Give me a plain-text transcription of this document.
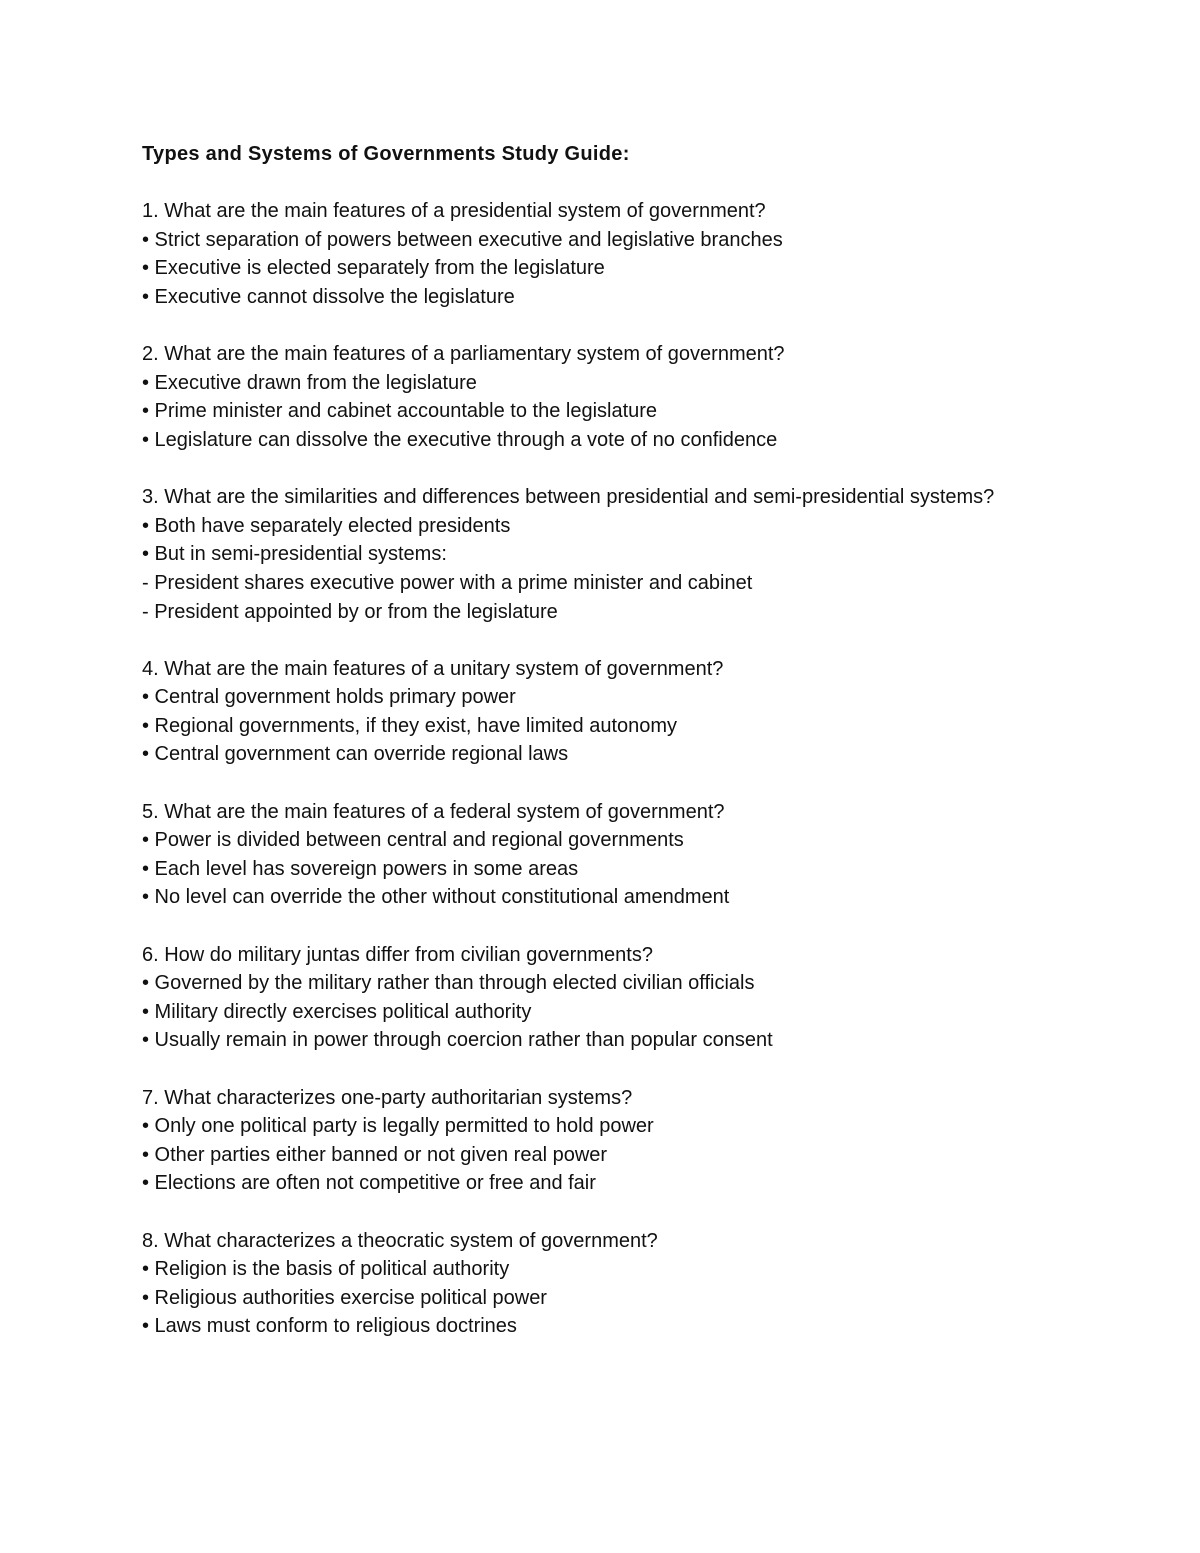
Types and Systems of Governments Study Guide:

1. What are the main features of a presidential system of government?

• Strict separation of powers between executive and legislative branches

• Executive is elected separately from the legislature

• Executive cannot dissolve the legislature

2. What are the main features of a parliamentary system of government?

• Executive drawn from the legislature

• Prime minister and cabinet accountable to the legislature

• Legislature can dissolve the executive through a vote of no confidence

3. What are the similarities and differences between presidential and semi-presidential systems?

• Both have separately elected presidents

• But in semi-presidential systems:

- President shares executive power with a prime minister and cabinet

- President appointed by or from the legislature

4. What are the main features of a unitary system of government?

• Central government holds primary power

• Regional governments, if they exist, have limited autonomy

• Central government can override regional laws

5. What are the main features of a federal system of government?

• Power is divided between central and regional governments

• Each level has sovereign powers in some areas

• No level can override the other without constitutional amendment

6. How do military juntas differ from civilian governments?

• Governed by the military rather than through elected civilian officials

• Military directly exercises political authority

• Usually remain in power through coercion rather than popular consent

7. What characterizes one-party authoritarian systems?

• Only one political party is legally permitted to hold power

• Other parties either banned or not given real power

• Elections are often not competitive or free and fair

8. What characterizes a theocratic system of government?

• Religion is the basis of political authority

• Religious authorities exercise political power

• Laws must conform to religious doctrines
